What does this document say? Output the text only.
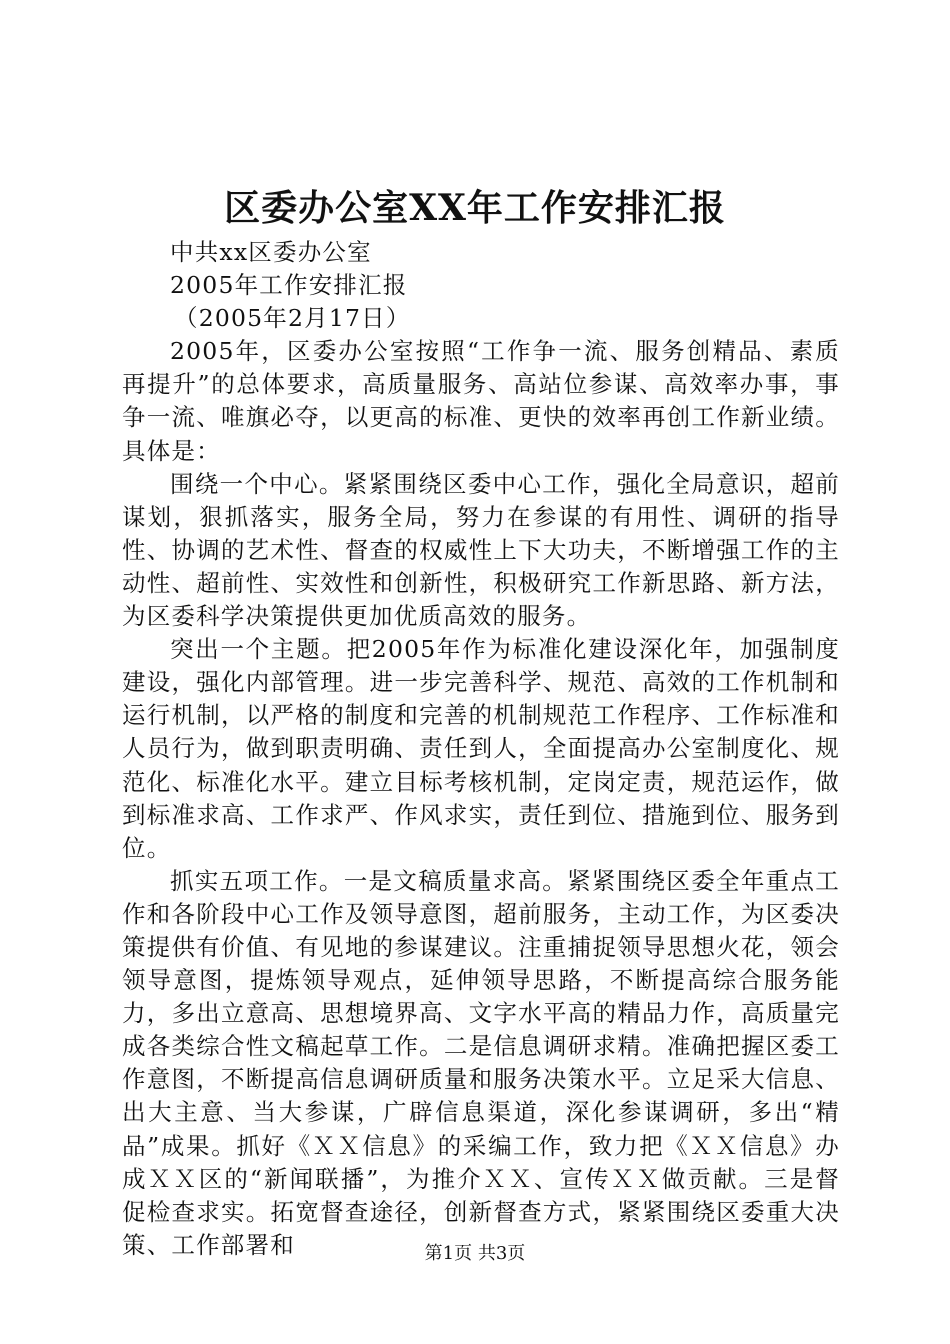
区委办公室XX年工作安排汇报
中共xx区委办公室
2005年工作安排汇报
（2005年2月17日）

2005年，区委办公室按照“工作争一流、服务创精品、素质再提升”的总体要求，高质量服务、高站位参谋、高效率办事，事争一流、唯旗必夺，以更高的标准、更快的效率再创工作新业绩。具体是：

围绕一个中心。紧紧围绕区委中心工作，强化全局意识，超前谋划，狠抓落实，服务全局，努力在参谋的有用性、调研的指导性、协调的艺术性、督查的权威性上下大功夫，不断增强工作的主动性、超前性、实效性和创新性，积极研究工作新思路、新方法，为区委科学决策提供更加优质高效的服务。

突出一个主题。把2005年作为标准化建设深化年，加强制度建设，强化内部管理。进一步完善科学、规范、高效的工作机制和运行机制，以严格的制度和完善的机制规范工作程序、工作标准和人员行为，做到职责明确、责任到人，全面提高办公室制度化、规范化、标准化水平。建立目标考核机制，定岗定责，规范运作，做到标准求高、工作求严、作风求实，责任到位、措施到位、服务到位。

抓实五项工作。一是文稿质量求高。紧紧围绕区委全年重点工作和各阶段中心工作及领导意图，超前服务，主动工作，为区委决策提供有价值、有见地的参谋建议。注重捕捉领导思想火花，领会领导意图，提炼领导观点，延伸领导思路，不断提高综合服务能力，多出立意高、思想境界高、文字水平高的精品力作，高质量完成各类综合性文稿起草工作。二是信息调研求精。准确把握区委工作意图，不断提高信息调研质量和服务决策水平。立足采大信息、出大主意、当大参谋，广辟信息渠道，深化参谋调研，多出“精品”成果。抓好《ＸＸ信息》的采编工作，致力把《ＸＸ信息》办成ＸＸ区的“新闻联播”，为推介ＸＸ、宣传ＸＸ做贡献。三是督促检查求实。拓宽督查途径，创新督查方式，紧紧围绕区委重大决策、工作部署和	第1页 共3页
